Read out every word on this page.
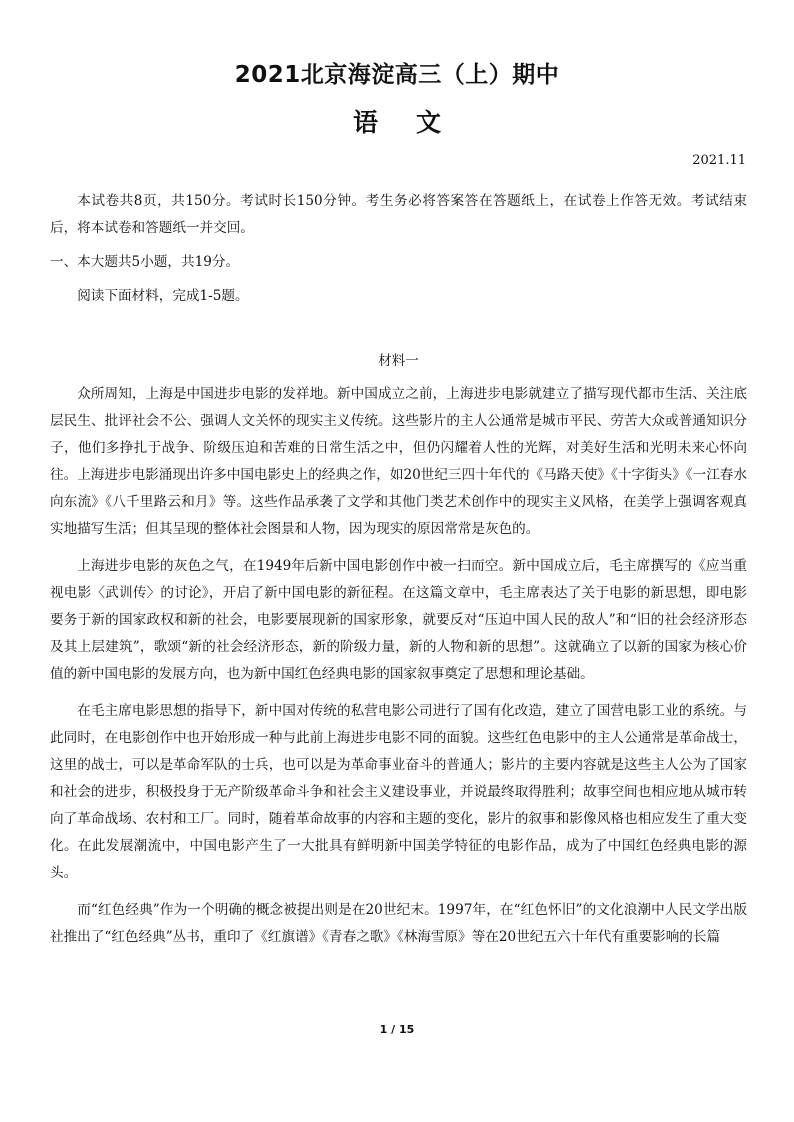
2021北京海淀高三（上）期中
语文
2021.11

本试卷共8页，共150分。考试时长150分钟。考生务必将答案答在答题纸上，在试卷上作答无效。考试结束后，将本试卷和答题纸一并交回。

一、本大题共5小题，共19分。

阅读下面材料，完成1-5题。

材料一

众所周知，上海是中国进步电影的发祥地。新中国成立之前，上海进步电影就建立了描写现代都市生活、关注底层民生、批评社会不公、强调人文关怀的现实主义传统。这些影片的主人公通常是城市平民、劳苦大众或普通知识分子，他们多挣扎于战争、阶级压迫和苦难的日常生活之中，但仍闪耀着人性的光辉，对美好生活和光明未来心怀向往。上海进步电影涌现出许多中国电影史上的经典之作，如20世纪三四十年代的《马路天使》《十字街头》《一江春水向东流》《八千里路云和月》等。这些作品承袭了文学和其他门类艺术创作中的现实主义风格，在美学上强调客观真实地描写生活；但其呈现的整体社会图景和人物，因为现实的原因常常是灰色的。

上海进步电影的灰色之气，在1949年后新中国电影创作中被一扫而空。新中国成立后，毛主席撰写的《应当重视电影〈武训传〉的讨论》，开启了新中国电影的新征程。在这篇文章中，毛主席表达了关于电影的新思想，即电影要务于新的国家政权和新的社会，电影要展现新的国家形象，就要反对“压迫中国人民的敌人”和“旧的社会经济形态及其上层建筑”，歌颂“新的社会经济形态，新的阶级力量，新的人物和新的思想”。这就确立了以新的国家为核心价值的新中国电影的发展方向，也为新中国红色经典电影的国家叙事奠定了思想和理论基础。

在毛主席电影思想的指导下，新中国对传统的私营电影公司进行了国有化改造，建立了国营电影工业的系统。与此同时，在电影创作中也开始形成一种与此前上海进步电影不同的面貌。这些红色电影中的主人公通常是革命战士，这里的战士，可以是革命军队的士兵，也可以是为革命事业奋斗的普通人；影片的主要内容就是这些主人公为了国家和社会的进步，积极投身于无产阶级革命斗争和社会主义建设事业，并说最终取得胜利；故事空间也相应地从城市转向了革命战场、农村和工厂。同时，随着革命故事的内容和主题的变化，影片的叙事和影像风格也相应发生了重大变化。在此发展潮流中，中国电影产生了一大批具有鲜明新中国美学特征的电影作品，成为了中国红色经典电影的源头。

而“红色经典”作为一个明确的概念被提出则是在20世纪末。1997年，在“红色怀旧”的文化浪潮中人民文学出版社推出了“红色经典”丛书，重印了《红旗谱》《青春之歌》《林海雪原》等在20世纪五六十年代有重要影响的长篇

1 / 15
